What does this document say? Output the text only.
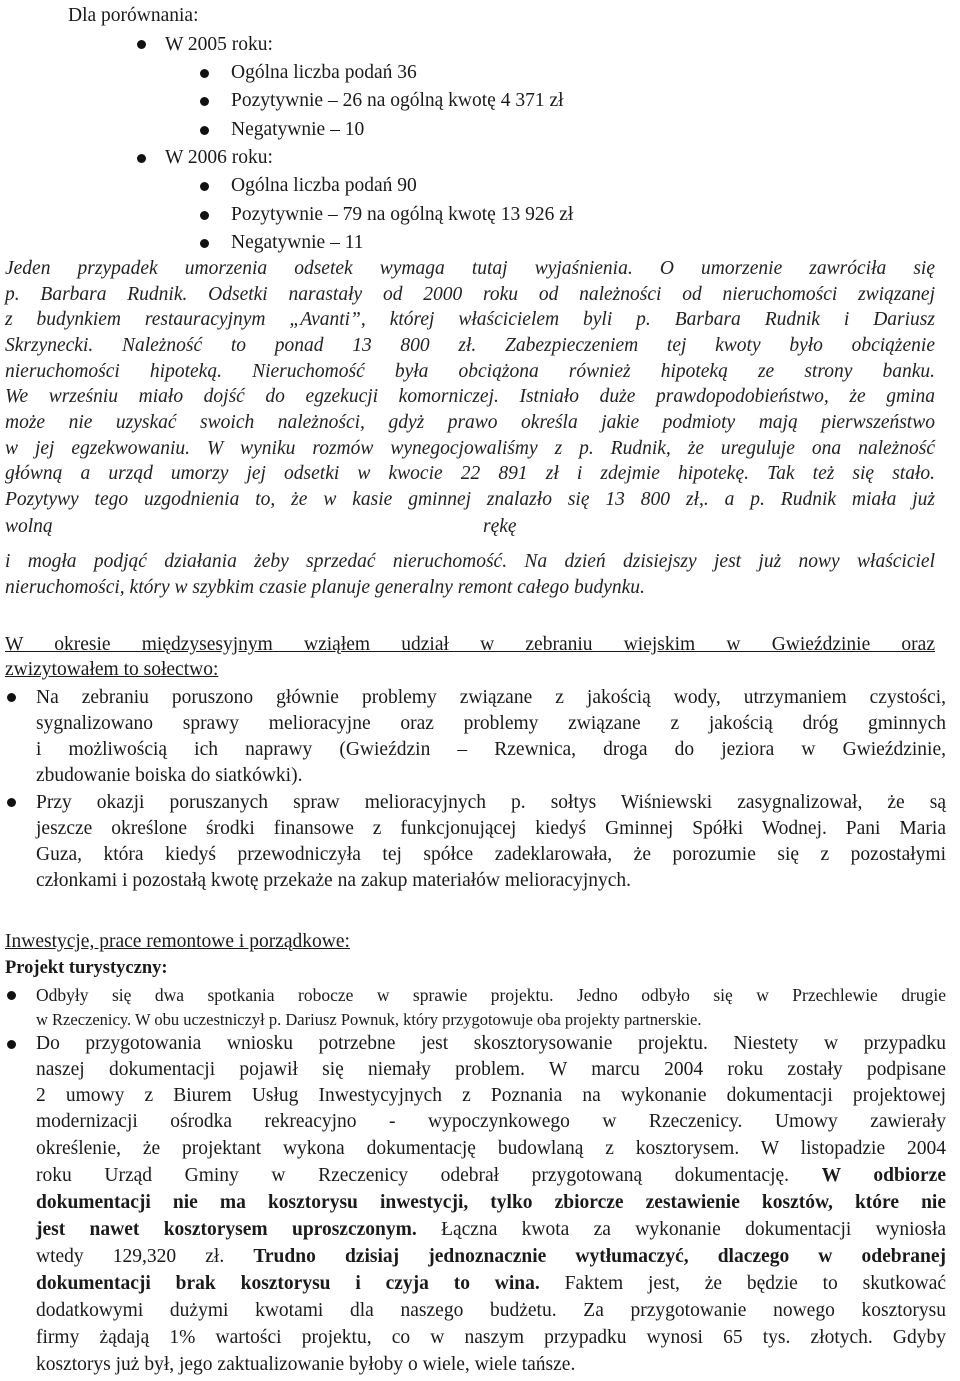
Dla porównania:
W 2005 roku:
Ogólna liczba podań 36
Pozytywnie – 26 na ogólną kwotę 4 371 zł
Negatywnie – 10
W 2006 roku:
Ogólna liczba podań 90
Pozytywnie – 79 na ogólną kwotę 13 926 zł
Negatywnie – 11
Jeden przypadek umorzenia odsetek wymaga tutaj wyjaśnienia. O umorzenie zawróciła się
p. Barbara Rudnik. Odsetki narastały od 2000 roku od należności od nieruchomości związanej
z budynkiem restauracyjnym „Avanti”, której właścicielem byli p. Barbara Rudnik i Dariusz
Skrzynecki. Należność to ponad 13 800 zł. Zabezpieczeniem tej kwoty było obciążenie
nieruchomości hipoteką. Nieruchomość była obciążona również hipoteką ze strony banku.
We wrześniu miało dojść do egzekucji komorniczej. Istniało duże prawdopodobieństwo, że gmina
może nie uzyskać swoich należności, gdyż prawo określa jakie podmioty mają pierwszeństwo
w jej egzekwowaniu. W wyniku rozmów wynegocjowaliśmy z p. Rudnik, że ureguluje ona należność
główną a urząd umorzy jej odsetki w kwocie 22 891 zł i zdejmie hipotekę. Tak też się stało.
Pozytywy tego uzgodnienia to, że w kasie gminnej znalazło się 13 800 zł,. a p. Rudnik miała już
wolną	rękę
i mogła podjąć działania żeby sprzedać nieruchomość. Na dzień dzisiejszy jest już nowy właściciel
nieruchomości, który w szybkim czasie planuje generalny remont całego budynku.
W okresie międzysesyjnym wziąłem udział w zebraniu wiejskim w Gwieździnie oraz
zwizytowałem to sołectwo:
Na zebraniu poruszono głównie problemy związane z jakością wody, utrzymaniem czystości,
sygnalizowano sprawy melioracyjne oraz problemy związane z jakością dróg gminnych
i możliwością ich naprawy (Gwieździn – Rzewnica, droga do jeziora w Gwieździnie,
zbudowanie boiska do siatkówki).
Przy okazji poruszanych spraw melioracyjnych p. sołtys Wiśniewski zasygnalizował, że są
jeszcze określone środki finansowe z funkcjonującej kiedyś Gminnej Spółki Wodnej. Pani Maria
Guza, która kiedyś przewodniczyła tej spółce zadeklarowała, że porozumie się z pozostałymi
członkami i pozostałą kwotę przekaże na zakup materiałów melioracyjnych.
Inwestycje, prace remontowe i porządkowe:
Projekt turystyczny:
Odbyły się dwa spotkania robocze w sprawie projektu. Jedno odbyło się w Przechlewie drugie
w Rzeczenicy. W obu uczestniczył p. Dariusz Pownuk, który przygotowuje oba projekty partnerskie.
Do przygotowania wniosku potrzebne jest skosztorysowanie projektu. Niestety w przypadku
naszej dokumentacji pojawił się niemały problem. W marcu 2004 roku zostały podpisane
2 umowy z Biurem Usług Inwestycyjnych z Poznania na wykonanie dokumentacji projektowej
modernizacji ośrodka rekreacyjno - wypoczynkowego w Rzeczenicy. Umowy zawierały
określenie, że projektant wykona dokumentację budowlaną z kosztorysem. W listopadzie 2004
roku Urząd Gminy w Rzeczenicy odebrał przygotowaną dokumentację. W odbiorze
dokumentacji nie ma kosztorysu inwestycji, tylko zbiorcze zestawienie kosztów, które nie
jest nawet kosztorysem uproszczonym. Łączna kwota za wykonanie dokumentacji wyniosła
wtedy 129,320 zł. Trudno dzisiaj jednoznacznie wytłumaczyć, dlaczego w odebranej
dokumentacji brak kosztorysu i czyja to wina. Faktem jest, że będzie to skutkować
dodatkowymi dużymi kwotami dla naszego budżetu. Za przygotowanie nowego kosztorysu
firmy żądają 1% wartości projektu, co w naszym przypadku wynosi 65 tys. złotych. Gdyby
kosztorys już był, jego zaktualizowanie byłoby o wiele, wiele tańsze.
